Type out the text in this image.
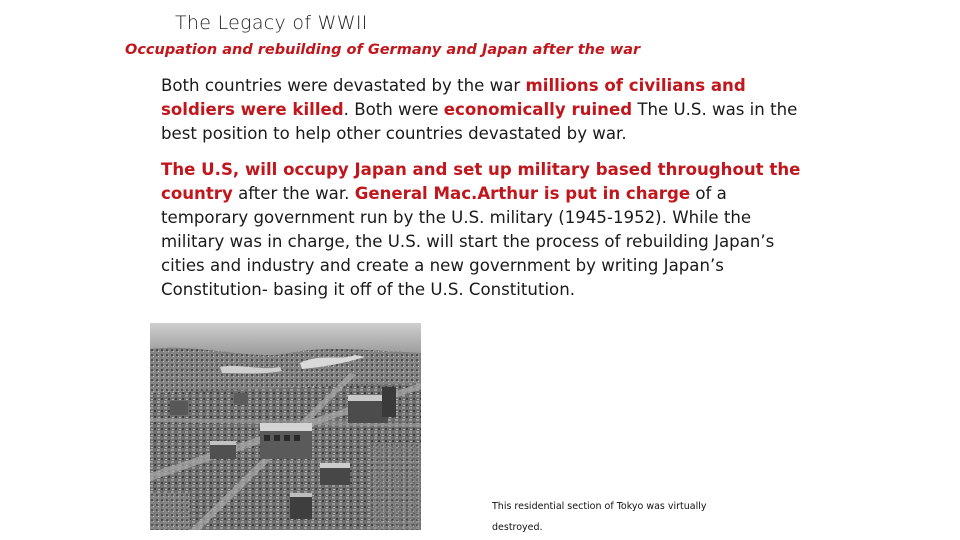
The Legacy of WWII
Occupation and rebuilding of Germany and Japan after the war
Both countries were devastated by the war millions of civilians and soldiers were killed. Both were economically ruined The U.S. was in the best position to help other countries devastated by war.
The U.S, will occupy Japan and set up military based throughout the country after the war. General Mac.Arthur is put in charge of a temporary government run by the U.S. military (1945-1952). While the military was in charge, the U.S. will start the process of rebuilding Japan’s cities and industry and create a new government by writing Japan’s Constitution- basing it off of the U.S. Constitution.
This residential section of Tokyo was virtually
destroyed.
